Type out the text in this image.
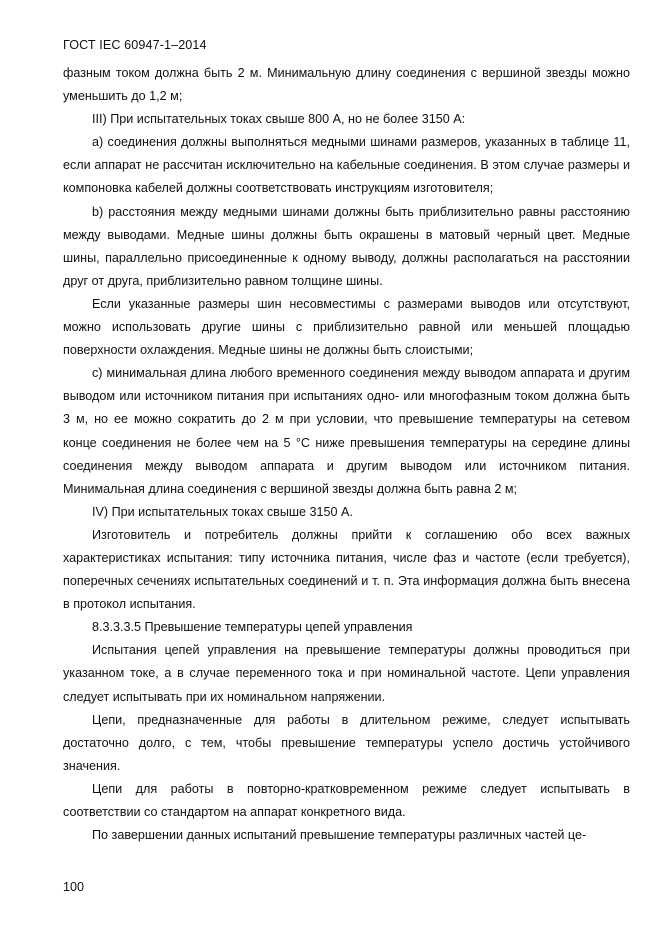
ГОСТ IEC 60947-1–2014

фазным током должна быть 2 м. Минимальную длину соединения с вершиной звезды можно уменьшить до 1,2 м;

III) При испытательных токах свыше 800 А, но не более 3150 А:

а) соединения должны выполняться медными шинами размеров, указанных в таблице 11, если аппарат не рассчитан исключительно на кабельные соединения. В этом случае размеры и компоновка кабелей должны соответствовать инструкциям изготовителя;

b) расстояния между медными шинами должны быть приблизительно равны расстоянию между выводами. Медные шины должны быть окрашены в матовый черный цвет. Медные шины, параллельно присоединенные к одному выводу, должны располагаться на расстоянии друг от друга, приблизительно равном толщине шины.

Если указанные размеры шин несовместимы с размерами выводов или отсутствуют, можно использовать другие шины с приблизительно равной или меньшей площадью поверхности охлаждения. Медные шины не должны быть слоистыми;

с) минимальная длина любого временного соединения между выводом аппарата и другим выводом или источником питания при испытаниях одно- или многофазным током должна быть 3 м, но ее можно сократить до 2 м при условии, что превышение температуры на сетевом конце соединения не более чем на 5 °С ниже превышения температуры на середине длины соединения между выводом аппарата и другим выводом или источником питания. Минимальная длина соединения с вершиной звезды должна быть равна 2 м;

IV) При испытательных токах свыше 3150 А.

Изготовитель и потребитель должны прийти к соглашению обо всех важных характеристиках испытания: типу источника питания, числе фаз и частоте (если требуется), поперечных сечениях испытательных соединений и т. п. Эта информация должна быть внесена в протокол испытания.

8.3.3.3.5 Превышение температуры цепей управления

Испытания цепей управления на превышение температуры должны проводиться при указанном токе, а в случае переменного тока и при номинальной частоте. Цепи управления следует испытывать при их номинальном напряжении.

Цепи, предназначенные для работы в длительном режиме, следует испытывать достаточно долго, с тем, чтобы превышение температуры успело достичь устойчивого значения.

Цепи для работы в повторно-кратковременном режиме следует испытывать в соответствии со стандартом на аппарат конкретного вида.

По завершении данных испытаний превышение температуры различных частей це-

100
